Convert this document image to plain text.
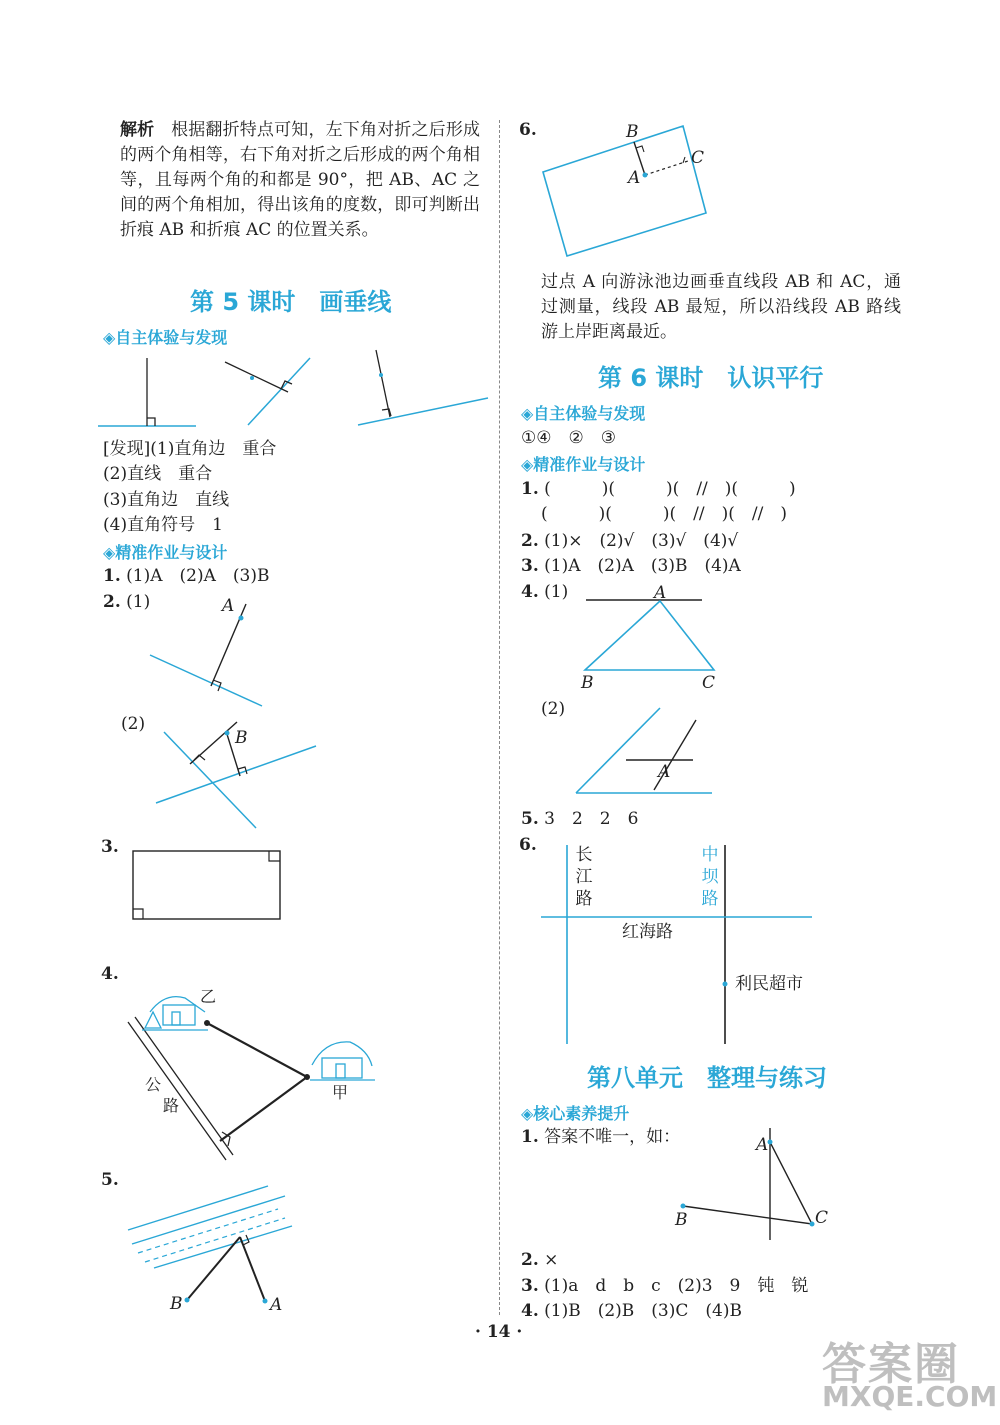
解析 根据翻折特点可知，左下角对折之后形成的两个角相等，右下角对折之后形成的两个角相等，且每两个角的和都是 90°，把 AB、AC 之间的两个角相加，得出该角的度数，即可判断出折痕 AB 和折痕 AC 的位置关系。
第 5 课时　画垂线
◈自主体验与发现
[发现](1)直角边　重合
(2)直线　重合
(3)直角边　直线
(4)直角符号　1
◈精准作业与设计
1. (1)A　(2)A　(3)B
2. (1)
(2)
3.
4.
5.
A
B
乙
甲
公
路
B	A
6.	B
C
A
过点 A 向游泳池边画垂直线段 AB 和 AC，通过测量，线段 AB 最短，所以沿线段 AB 路线游上岸距离最近。
第 6 课时　认识平行
◈自主体验与发现
①④　②　③
◈精准作业与设计
1. (　　　)(　　　)(　//　)(　　　)
(　　　)(　　　)(　//　)(　//　)
2. (1)×　(2)√　(3)√　(4)√
3. (1)A　(2)A　(3)B　(4)A
4. (1)
(2)
5. 3　2　2　6
6.
A
B	C
A
A
B	C
长江路
中坝路
红海路
利民超市
第八单元　整理与练习
◈核心素养提升
1. 答案不唯一，如：
2. ×
3. (1)a　d　b　c　(2)3　9　钝　锐
4. (1)B　(2)B　(3)C　(4)B
· 14 ·
答案圈
MXQE.COM
